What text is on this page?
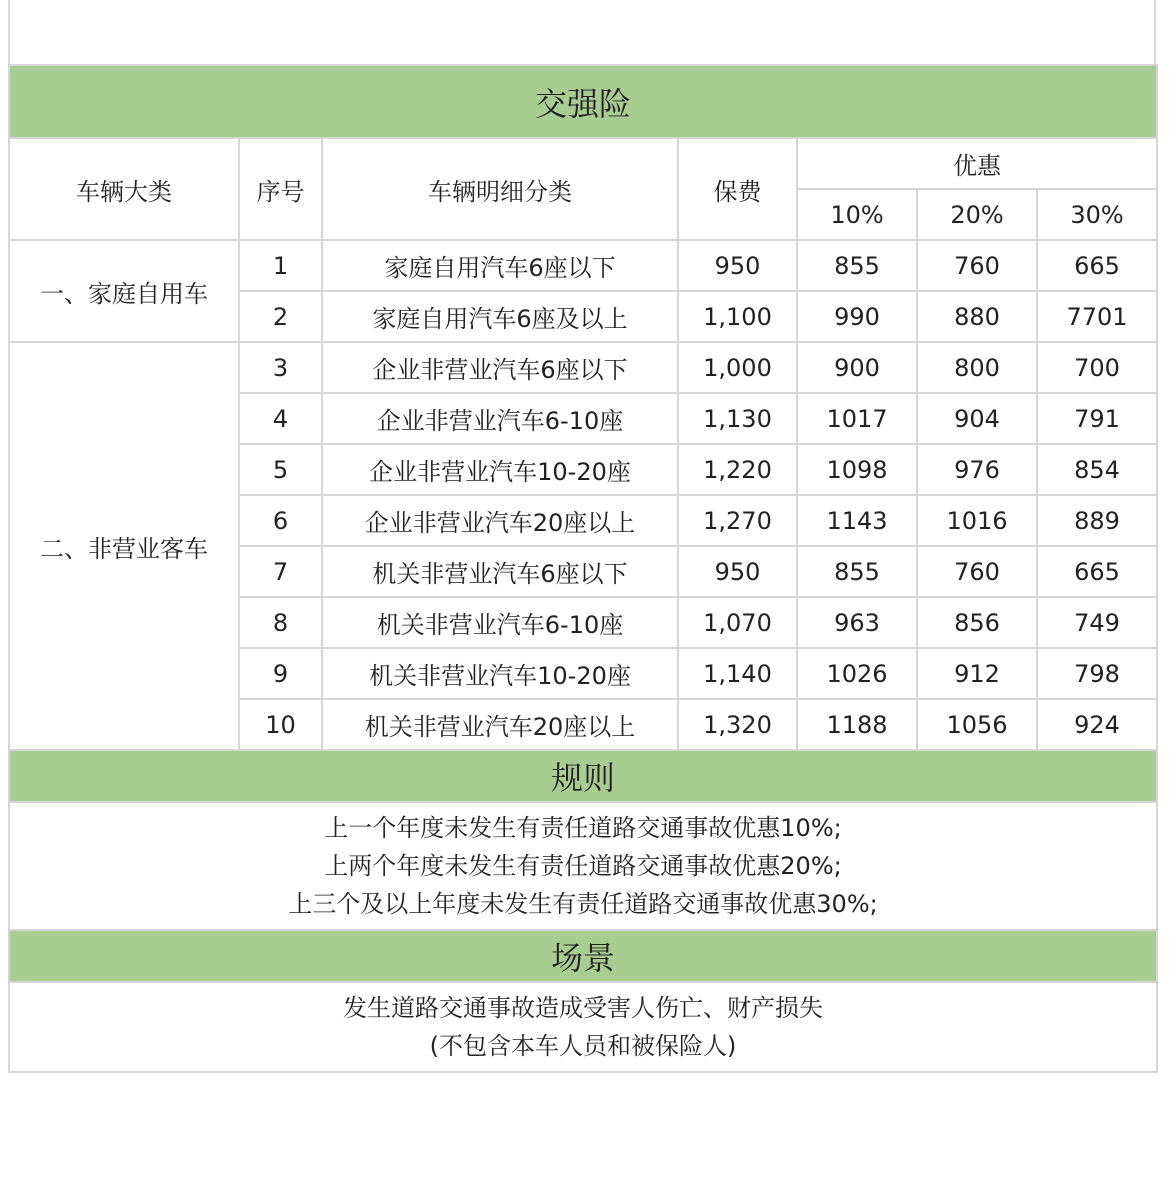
交强险						
车辆大类	序号	车辆明细分类	保费	优惠		
				10%	20%	30%
一、家庭自用车	1	家庭自用汽车6座以下	950	855	760	665
	2	家庭自用汽车6座及以上	1,100	990	880	7701
二、非营业客车	3	企业非营业汽车6座以下	1,000	900	800	700
	4	企业非营业汽车6-10座	1,130	1017	904	791
	5	企业非营业汽车10-20座	1,220	1098	976	854
	6	企业非营业汽车20座以上	1,270	1143	1016	889
	7	机关非营业汽车6座以下	950	855	760	665
	8	机关非营业汽车6-10座	1,070	963	856	749
	9	机关非营业汽车10-20座	1,140	1026	912	798
	10	机关非营业汽车20座以上	1,320	1188	1056	924
规则						

上一个年度未发生有责任道路交通事故优惠10%;
上两个年度未发生有责任道路交通事故优惠20%;
上三个及以上年度未发生有责任道路交通事故优惠30%;						

场景						

发生道路交通事故造成受害人伤亡、财产损失
(不包含本车人员和被保险人)						
